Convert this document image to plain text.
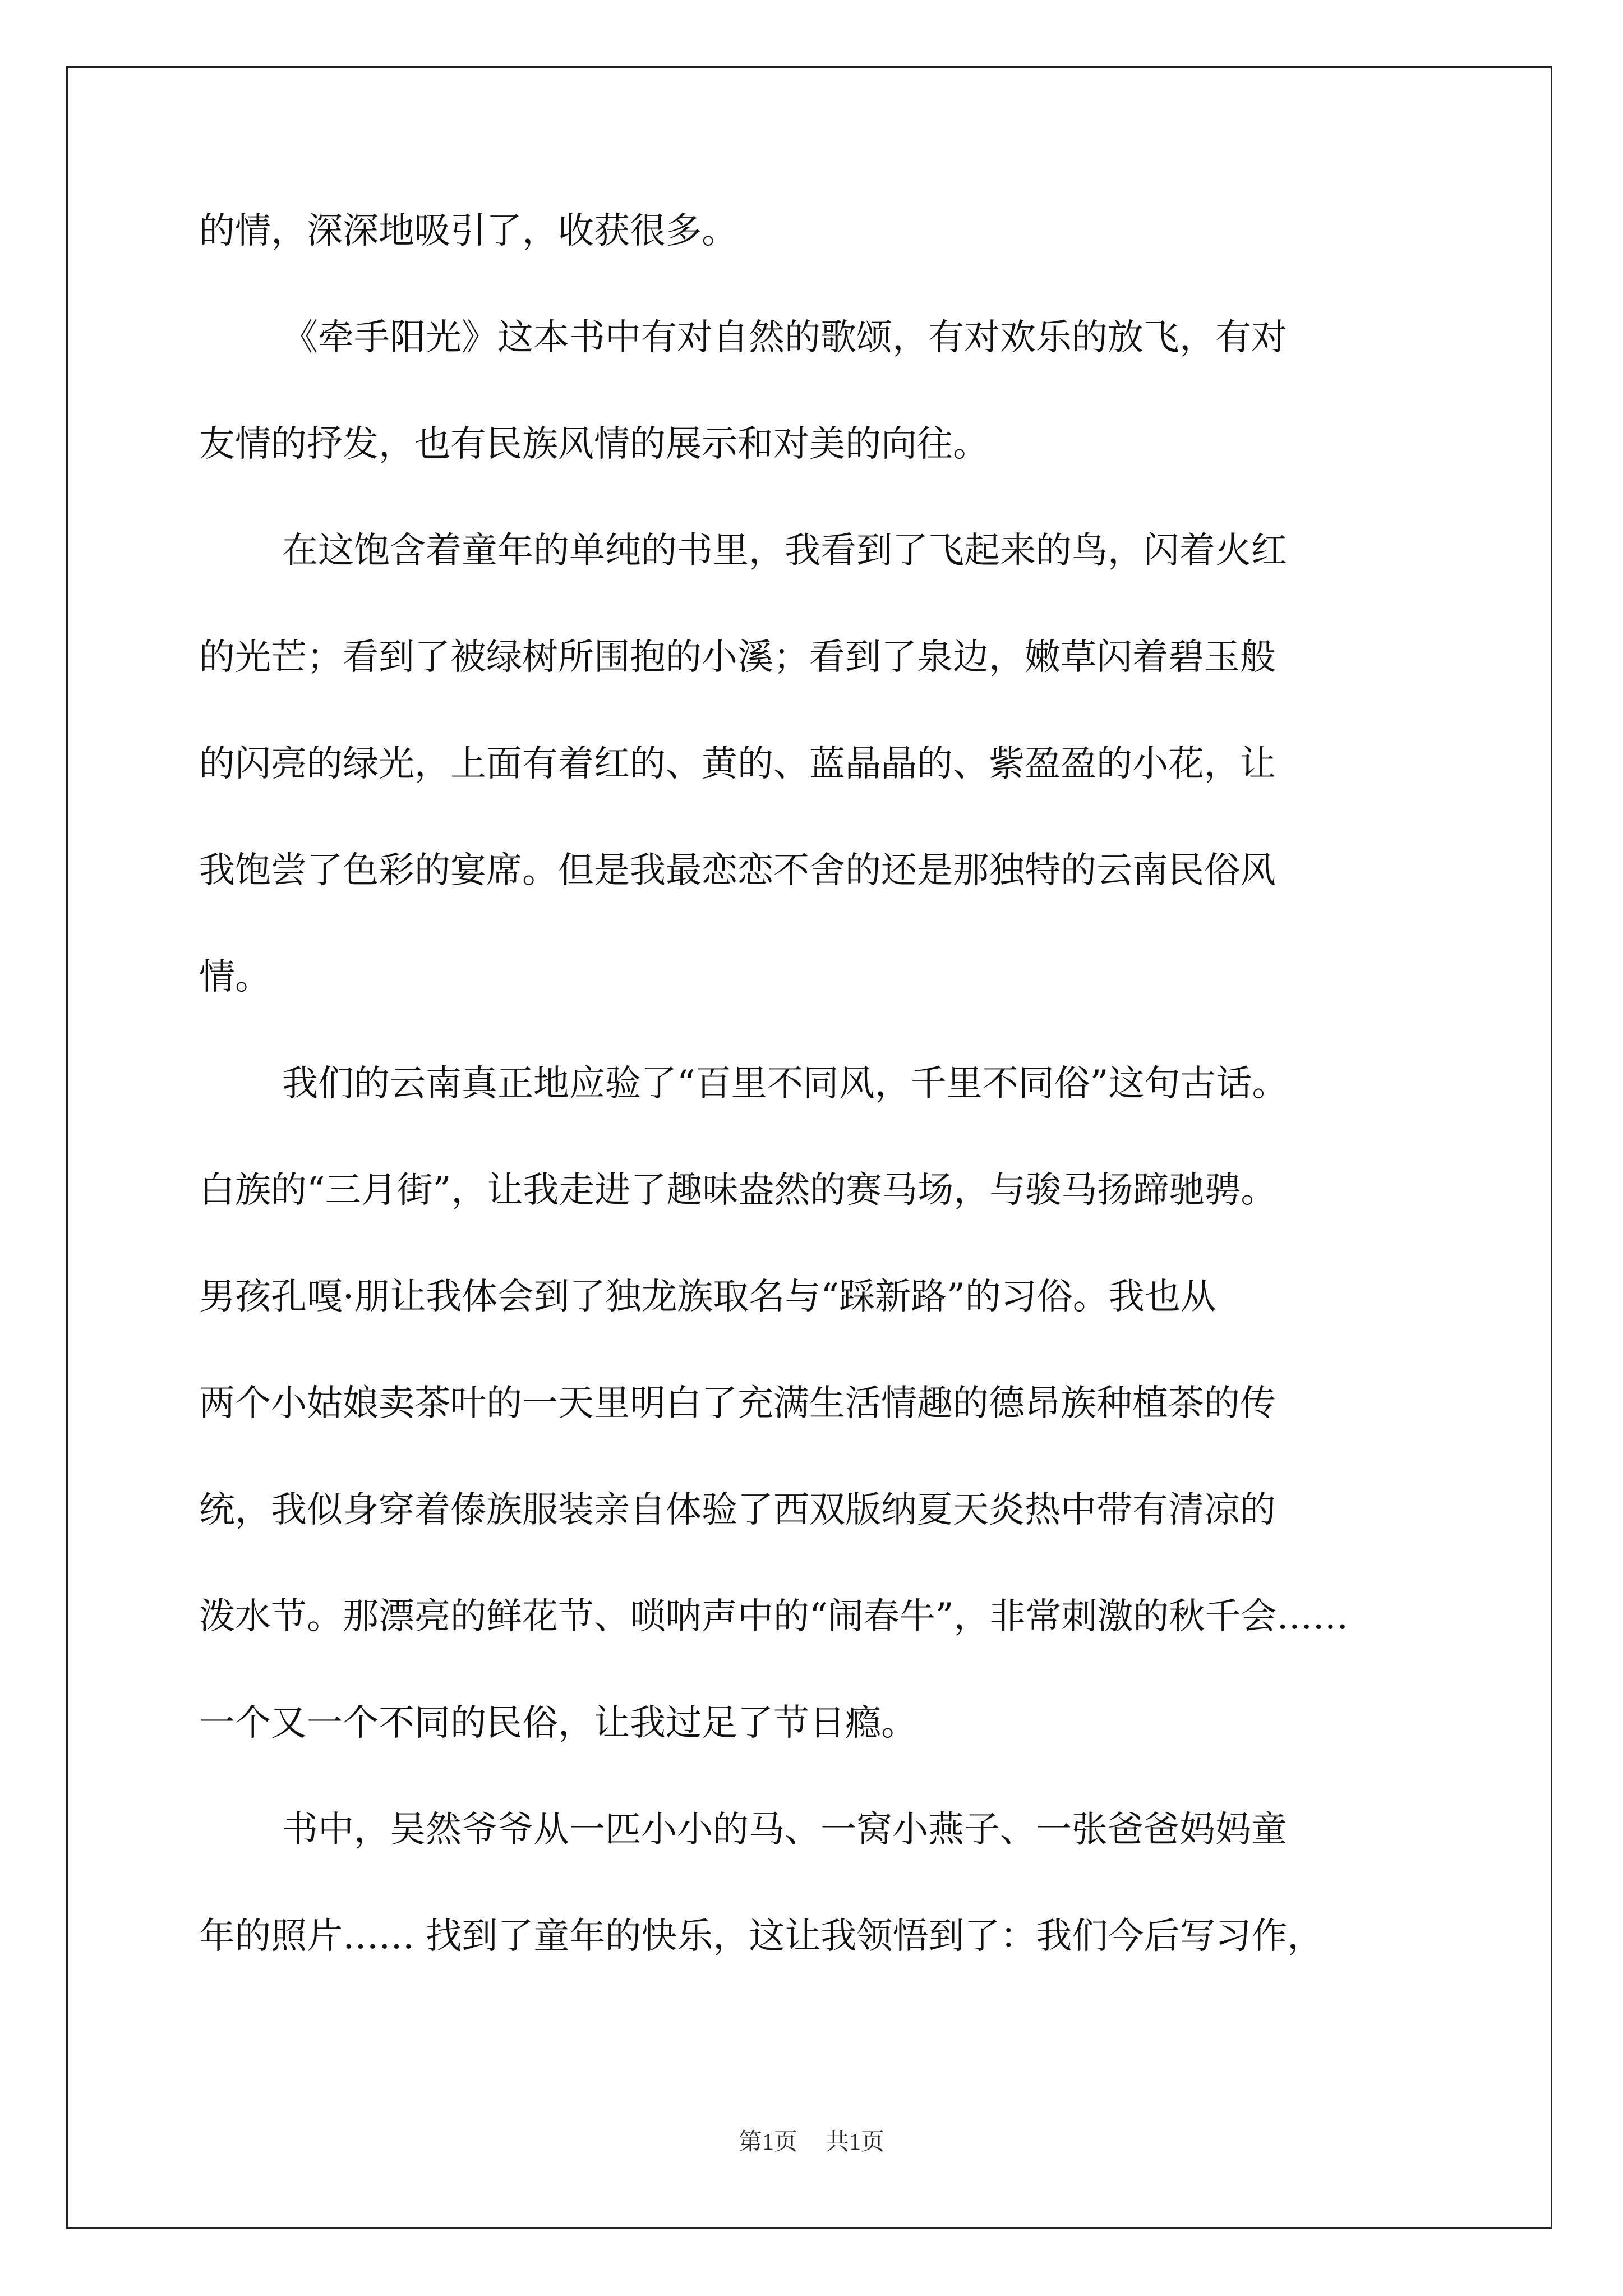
的情，深深地吸引了，收获很多。
《牵手阳光》这本书中有对自然的歌颂，有对欢乐的放飞，有对
友情的抒发，也有民族风情的展示和对美的向往。
在这饱含着童年的单纯的书里，我看到了飞起来的鸟，闪着火红
的光芒；看到了被绿树所围抱的小溪；看到了泉边，嫩草闪着碧玉般
的闪亮的绿光，上面有着红的、黄的、蓝晶晶的、紫盈盈的小花，让
我饱尝了色彩的宴席。但是我最恋恋不舍的还是那独特的云南民俗风
情。
我们的云南真正地应验了“百里不同风，千里不同俗”这句古话。
白族的“三月街”，让我走进了趣味盎然的赛马场，与骏马扬蹄驰骋。
男孩孔嘎·朋让我体会到了独龙族取名与“踩新路”的习俗。我也从
两个小姑娘卖茶叶的一天里明白了充满生活情趣的德昂族种植茶的传
统，我似身穿着傣族服装亲自体验了西双版纳夏天炎热中带有清凉的
泼水节。那漂亮的鲜花节、唢呐声中的“闹春牛”，非常刺激的秋千会……
一个又一个不同的民俗，让我过足了节日瘾。
书中，吴然爷爷从一匹小小的马、一窝小燕子、一张爸爸妈妈童
年的照片…… 找到了童年的快乐，这让我领悟到了：我们今后写习作，
第1页 共1页
